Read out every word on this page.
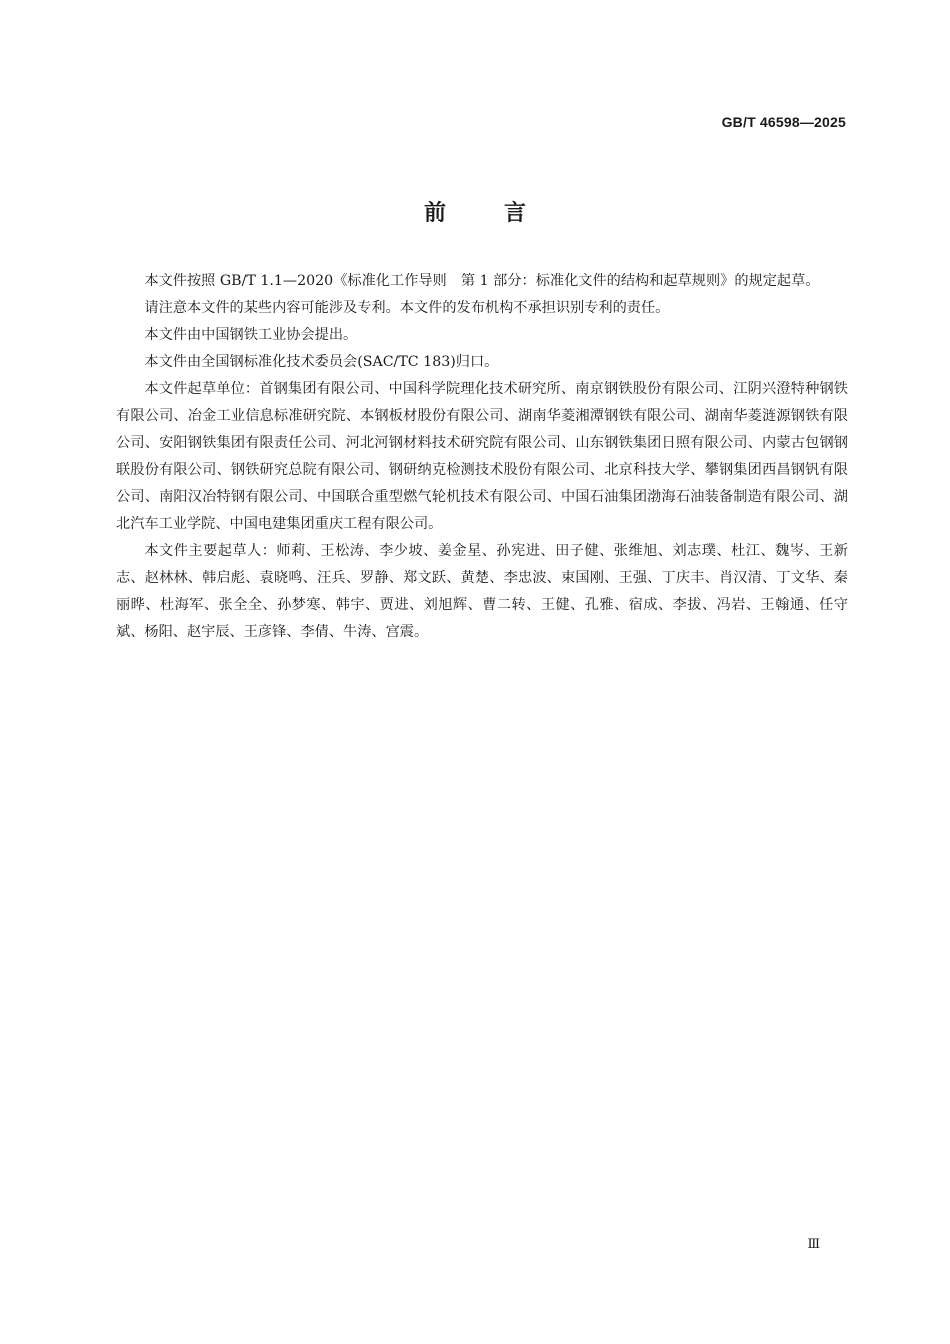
GB/T 46598—2025

前	言

本文件按照 GB/T 1.1—2020《标准化工作导则　第 1 部分：标准化文件的结构和起草规则》的规定起草。

请注意本文件的某些内容可能涉及专利。本文件的发布机构不承担识别专利的责任。

本文件由中国钢铁工业协会提出。

本文件由全国钢标准化技术委员会(SAC/TC 183)归口。

本文件起草单位：首钢集团有限公司、中国科学院理化技术研究所、南京钢铁股份有限公司、江阴兴澄特种钢铁有限公司、冶金工业信息标准研究院、本钢板材股份有限公司、湖南华菱湘潭钢铁有限公司、湖南华菱涟源钢铁有限公司、安阳钢铁集团有限责任公司、河北河钢材料技术研究院有限公司、山东钢铁集团日照有限公司、内蒙古包钢钢联股份有限公司、钢铁研究总院有限公司、钢研纳克检测技术股份有限公司、北京科技大学、攀钢集团西昌钢钒有限公司、南阳汉冶特钢有限公司、中国联合重型燃气轮机技术有限公司、中国石油集团渤海石油装备制造有限公司、湖北汽车工业学院、中国电建集团重庆工程有限公司。

本文件主要起草人：师莉、王松涛、李少坡、姜金星、孙宪进、田子健、张维旭、刘志璞、杜江、魏岑、王新志、赵林林、韩启彪、袁晓鸣、汪兵、罗静、郑文跃、黄楚、李忠波、束国刚、王强、丁庆丰、肖汉清、丁文华、秦丽晔、杜海军、张全全、孙梦寒、韩宇、贾进、刘旭辉、曹二转、王健、孔雅、宿成、李拔、冯岩、王翰通、任守斌、杨阳、赵宇辰、王彦锋、李倩、牛涛、宫震。

Ⅲ
